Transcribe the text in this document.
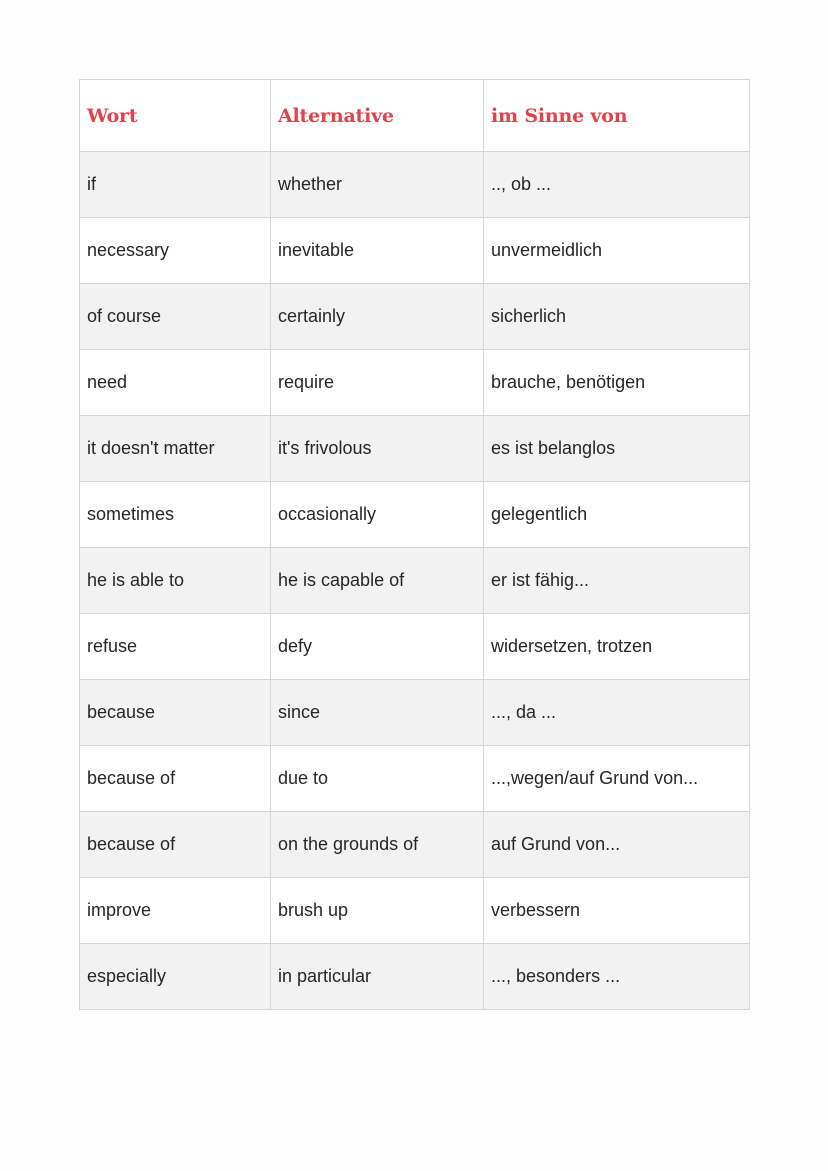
Wort	Alternative	im Sinne von
if	whether	.., ob ...
necessary	inevitable	unvermeidlich
of course	certainly	sicherlich
need	require	brauche, benötigen
it doesn't matter	it's frivolous	es ist belanglos
sometimes	occasionally	gelegentlich
he is able to	he is capable of	er ist fähig...
refuse	defy	widersetzen, trotzen
because	since	..., da ...
because of	due to	...,wegen/auf Grund von...
because of	on the grounds of	auf Grund von...
improve	brush up	verbessern
especially	in particular	..., besonders ...
